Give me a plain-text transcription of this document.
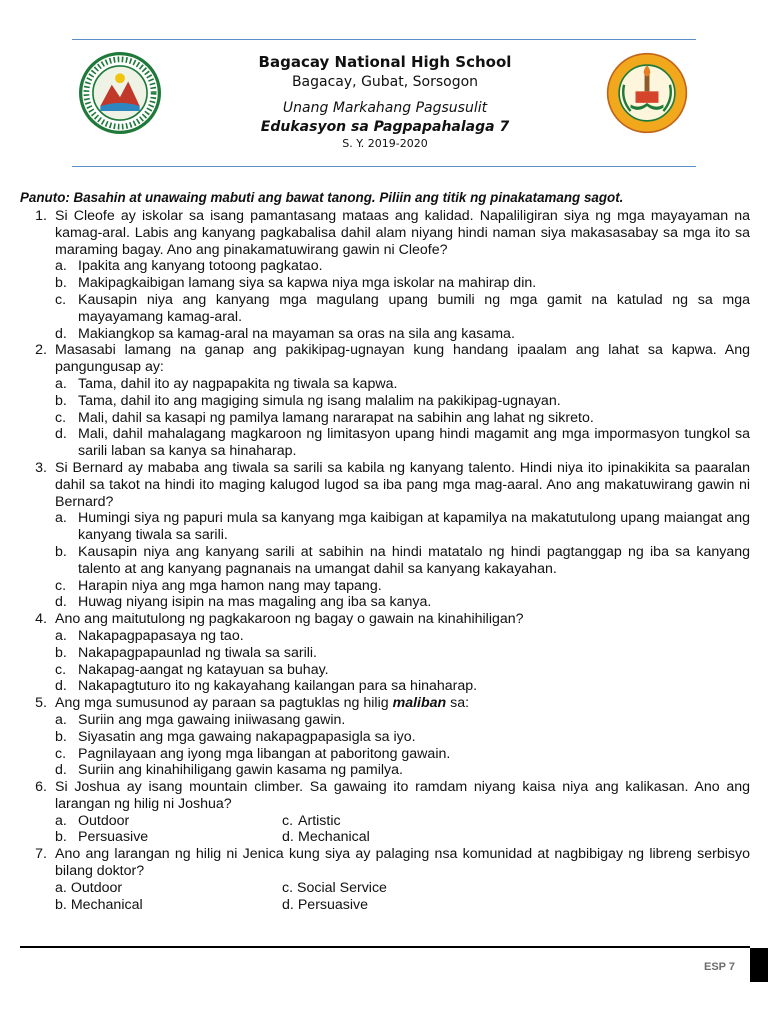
Bagacay National High School
Bagacay, Gubat, Sorsogon
Unang Markahang Pagsusulit
Edukasyon sa Pagpapahalaga 7
S. Y. 2019-2020
Panuto: Basahin at unawaing mabuti ang bawat tanong. Piliin ang titik ng pinakatamang sagot.
1. Si Cleofe ay iskolar sa isang pamantasang mataas ang kalidad. Napaliligiran siya ng mga mayayaman na kamag-aral. Labis ang kanyang pagkabalisa dahil alam niyang hindi naman siya makasasabay sa mga ito sa maraming bagay. Ano ang pinakamatuwirang gawin ni Cleofe?
a. Ipakita ang kanyang totoong pagkatao.
b. Makipagkaibigan lamang siya sa kapwa niya mga iskolar na mahirap din.
c. Kausapin niya ang kanyang mga magulang upang bumili ng mga gamit na katulad ng sa mga mayayamang kamag-aral.
d. Makiangkop sa kamag-aral na mayaman sa oras na sila ang kasama.
2. Masasabi lamang na ganap ang pakikipag-ugnayan kung handang ipaalam ang lahat sa kapwa. Ang pangungusap ay:
a. Tama, dahil ito ay nagpapakita ng tiwala sa kapwa.
b. Tama, dahil ito ang magiging simula ng isang malalim na pakikipag-ugnayan.
c. Mali, dahil sa kasapi ng pamilya lamang nararapat na sabihin ang lahat ng sikreto.
d. Mali, dahil mahalagang magkaroon ng limitasyon upang hindi magamit ang mga impormasyon tungkol sa sarili laban sa kanya sa hinaharap.
3. Si Bernard ay mababa ang tiwala sa sarili sa kabila ng kanyang talento. Hindi niya ito ipinakikita sa paaralan dahil sa takot na hindi ito maging kalugod lugod sa iba pang mga mag-aaral. Ano ang makatuwirang gawin ni Bernard?
a. Humingi siya ng papuri mula sa kanyang mga kaibigan at kapamilya na makatutulong upang maiangat ang kanyang tiwala sa sarili.
b. Kausapin niya ang kanyang sarili at sabihin na hindi matatalo ng hindi pagtanggap ng iba sa kanyang talento at ang kanyang pagnanais na umangat dahil sa kanyang kakayahan.
c. Harapin niya ang mga hamon nang may tapang.
d. Huwag niyang isipin na mas magaling ang iba sa kanya.
4. Ano ang maitutulong ng pagkakaroon ng bagay o gawain na kinahihiligan?
a. Nakapagpapasaya ng tao.
b. Nakapagpapaunlad ng tiwala sa sarili.
c. Nakapag-aangat ng katayuan sa buhay.
d. Nakapagtuturo ito ng kakayahang kailangan para sa hinaharap.
5. Ang mga sumusunod ay paraan sa pagtuklas ng hilig maliban sa:
a. Suriin ang mga gawaing iniiwasang gawin.
b. Siyasatin ang mga gawaing nakapagpapasigla sa iyo.
c. Pagnilayaan ang iyong mga libangan at paboritong gawain.
d. Suriin ang kinahihiligang gawin kasama ng pamilya.
6. Si Joshua ay isang mountain climber. Sa gawaing ito ramdam niyang kaisa niya ang kalikasan. Ano ang larangan ng hilig ni Joshua?
a. Outdoor	c. Artistic
b. Persuasive	d. Mechanical
7. Ano ang larangan ng hilig ni Jenica kung siya ay palaging nsa komunidad at nagbibigay ng libreng serbisyo bilang doktor?
a. Outdoor	c. Social Service
b. Mechanical	d. Persuasive
ESP 7
